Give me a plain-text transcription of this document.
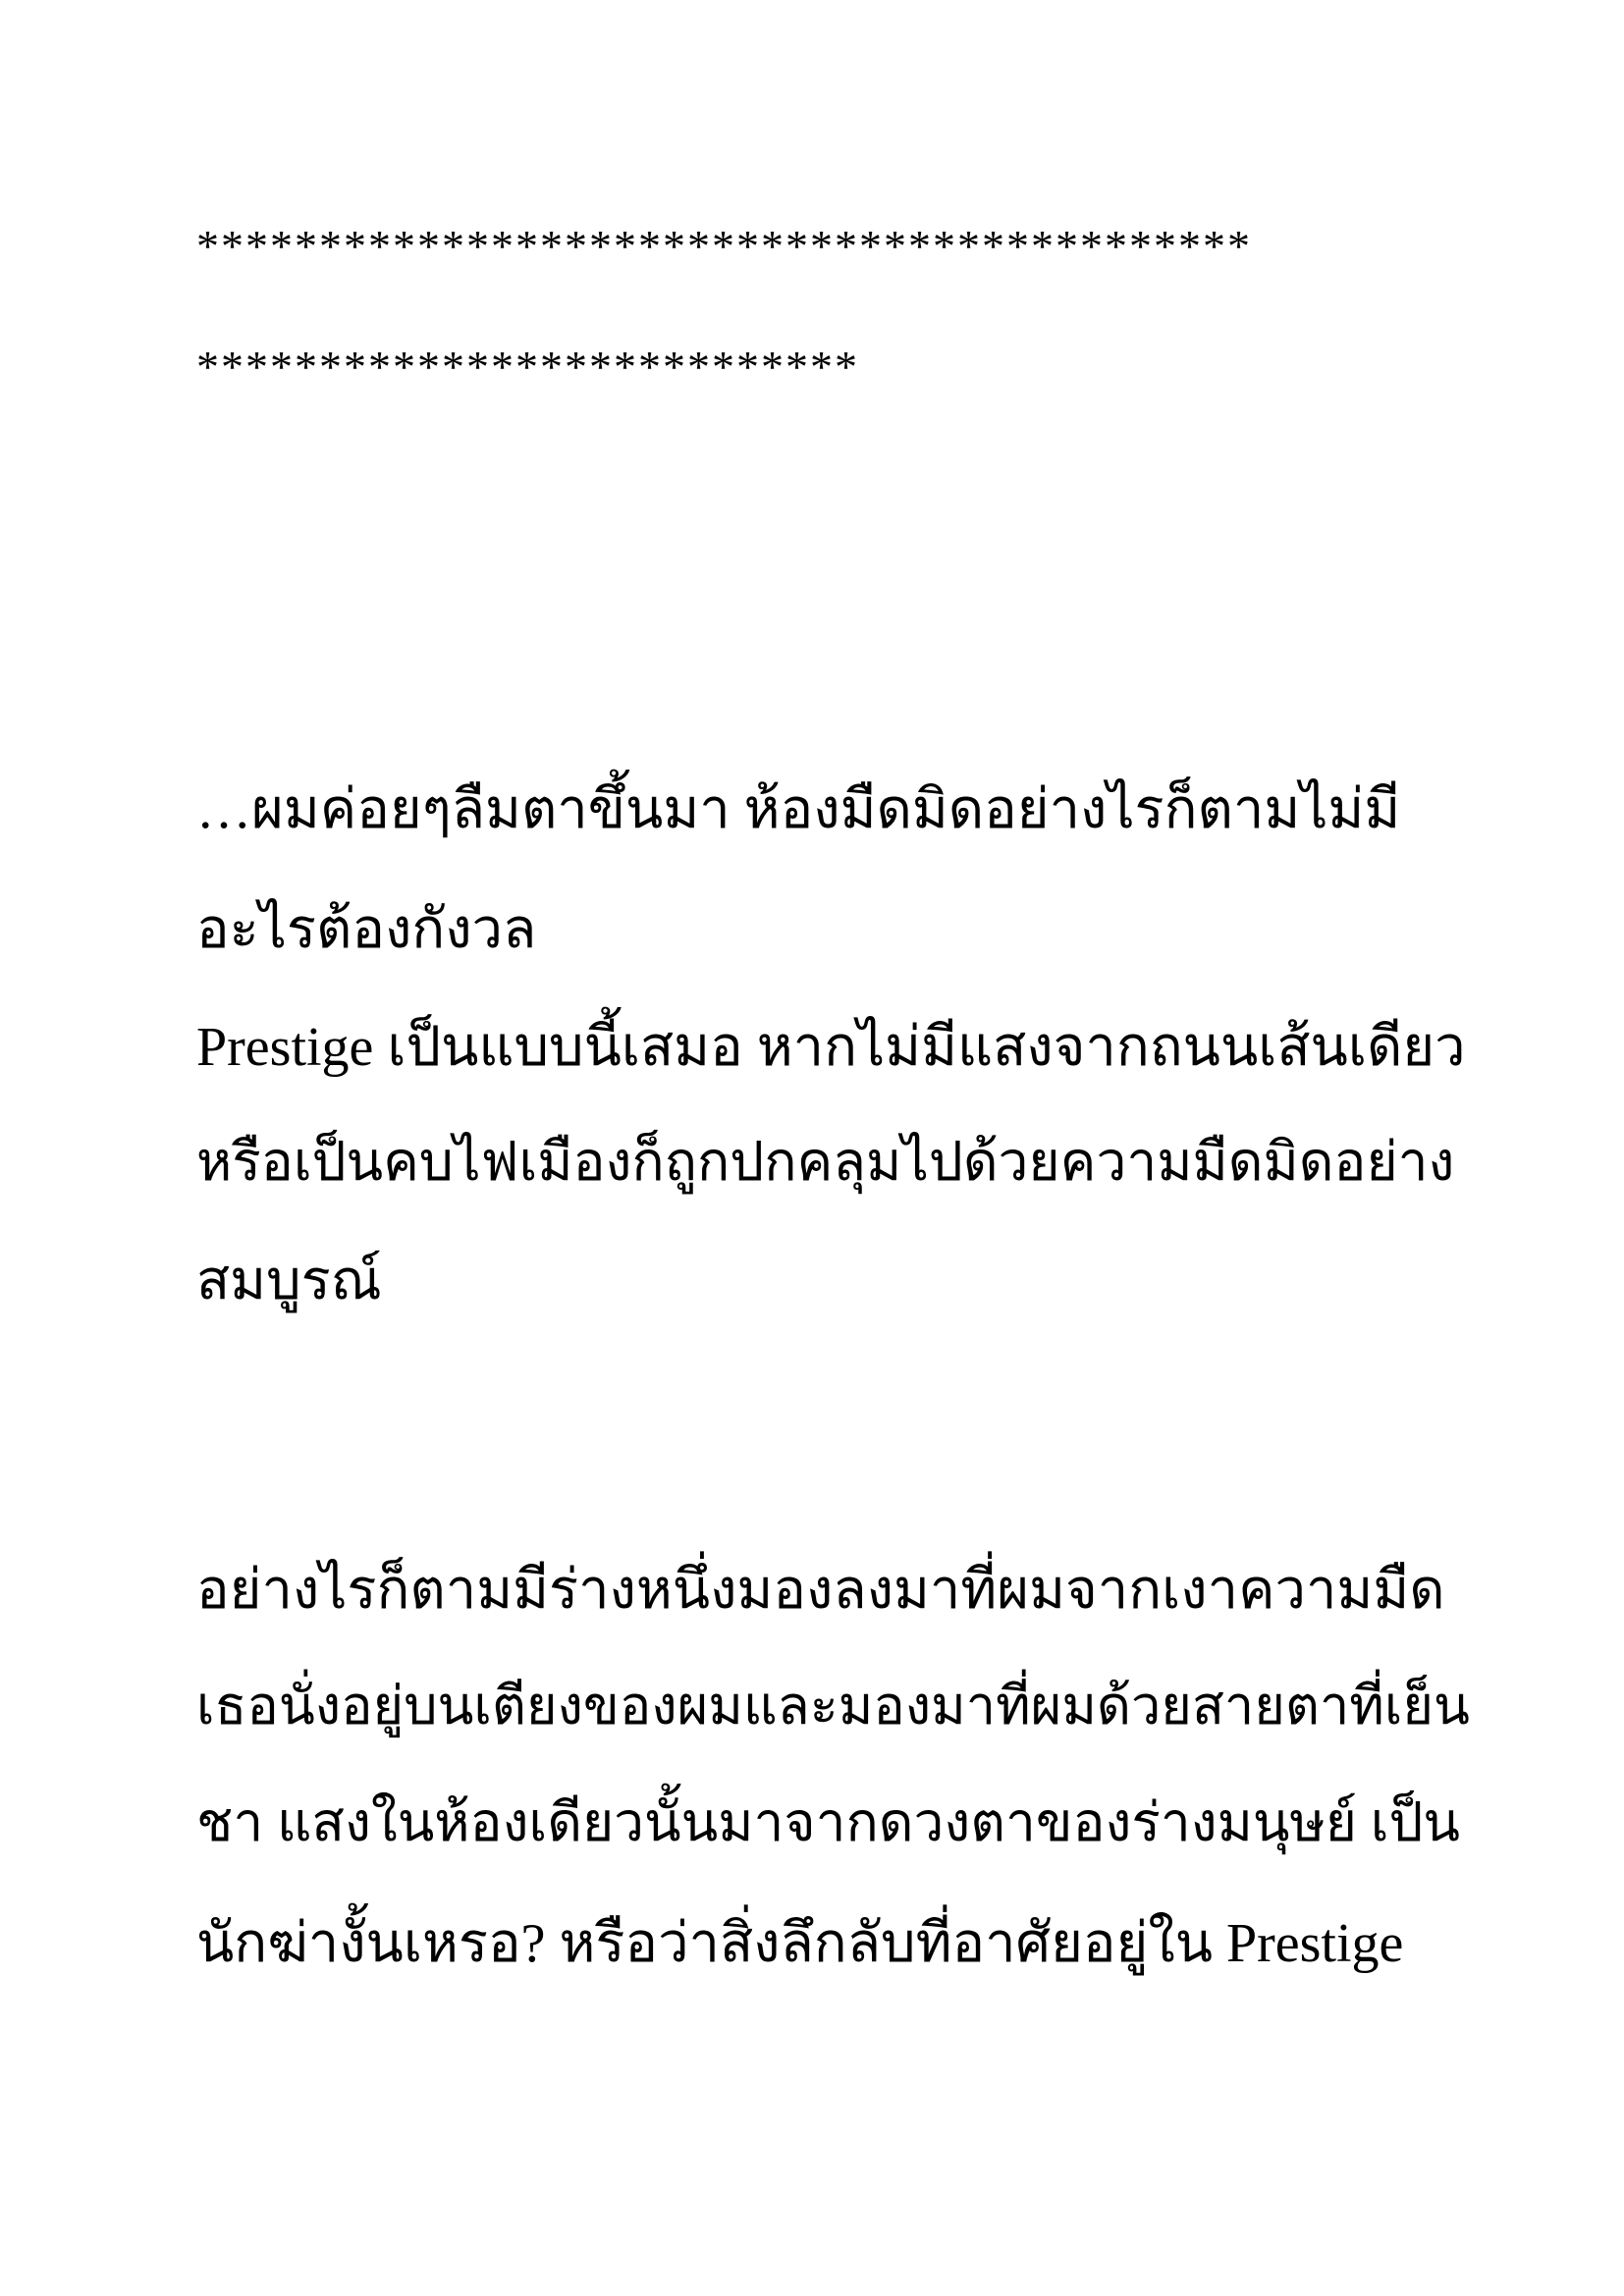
*******************************************

***************************

…ผมค่อยๆลืมตาขึ้นมา ห้องมืดมิดอย่างไรก็ตามไม่มี

อะไรต้องกังวล

Prestige เป็นแบบนี้เสมอ หากไม่มีแสงจากถนนเส้นเดียว

หรือเป็นคบไฟเมืองก็ถูกปกคลุมไปด้วยความมืดมิดอย่าง

สมบูรณ์

อย่างไรก็ตามมีร่างหนึ่งมองลงมาที่ผมจากเงาความมืด

เธอนั่งอยู่บนเตียงของผมและมองมาที่ผมด้วยสายตาที่เย็น

ชา แสงในห้องเดียวนั้นมาจากดวงตาของร่างมนุษย์ เป็น

นักฆ่างั้นเหรอ? หรือว่าสิ่งลึกลับที่อาศัยอยู่ใน Prestige
